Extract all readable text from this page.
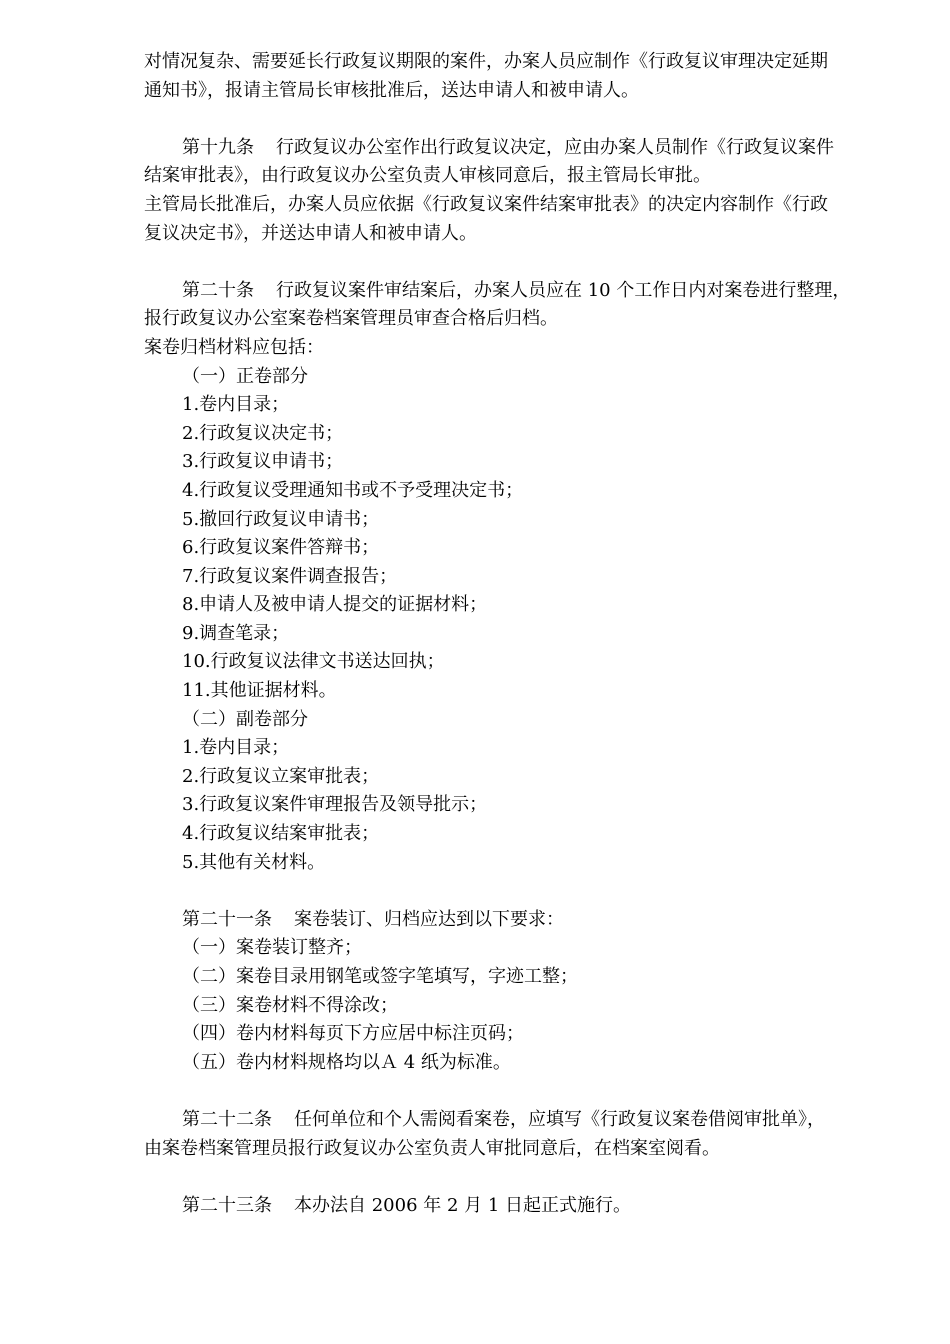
对情况复杂、需要延长行政复议期限的案件，办案人员应制作《行政复议审理决定延期
通知书》，报请主管局长审核批准后，送达申请人和被申请人。
第十九条 行政复议办公室作出行政复议决定，应由办案人员制作《行政复议案件
结案审批表》，由行政复议办公室负责人审核同意后，报主管局长审批。
主管局长批准后，办案人员应依据《行政复议案件结案审批表》的决定内容制作《行政
复议决定书》，并送达申请人和被申请人。
第二十条 行政复议案件审结案后，办案人员应在 10 个工作日内对案卷进行整理，
报行政复议办公室案卷档案管理员审查合格后归档。
案卷归档材料应包括：
（一）正卷部分
1.卷内目录；
2.行政复议决定书；
3.行政复议申请书；
4.行政复议受理通知书或不予受理决定书；
5.撤回行政复议申请书；
6.行政复议案件答辩书；
7.行政复议案件调查报告；
8.申请人及被申请人提交的证据材料；
9.调查笔录；
10.行政复议法律文书送达回执；
11.其他证据材料。
（二）副卷部分
1.卷内目录；
2.行政复议立案审批表；
3.行政复议案件审理报告及领导批示；
4.行政复议结案审批表；
5.其他有关材料。
第二十一条 案卷装订、归档应达到以下要求：
（一）案卷装订整齐；
（二）案卷目录用钢笔或签字笔填写，字迹工整；
（三）案卷材料不得涂改；
（四）卷内材料每页下方应居中标注页码；
（五）卷内材料规格均以Ａ 4 纸为标准。
第二十二条 任何单位和个人需阅看案卷，应填写《行政复议案卷借阅审批单》，
由案卷档案管理员报行政复议办公室负责人审批同意后，在档案室阅看。
第二十三条 本办法自 2006 年 2 月 1 日起正式施行。
